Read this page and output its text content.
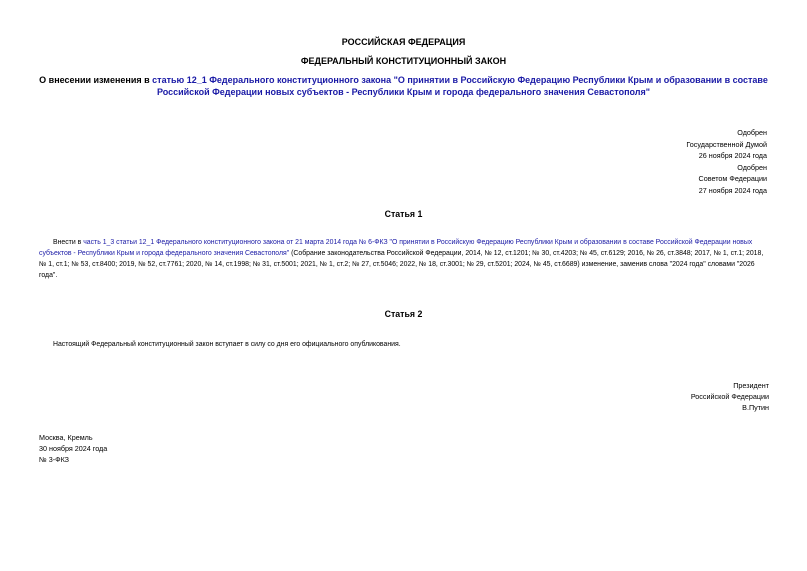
РОССИЙСКАЯ ФЕДЕРАЦИЯ
ФЕДЕРАЛЬНЫЙ КОНСТИТУЦИОННЫЙ ЗАКОН
О внесении изменения в статью 12_1 Федерального конституционного закона "О принятии в Российскую Федерацию Республики Крым и образовании в составе Российской Федерации новых субъектов - Республики Крым и города федерального значения Севастополя"
Одобрен
Государственной Думой
26 ноября 2024 года
Одобрен
Советом Федерации
27 ноября 2024 года
Статья 1
Внести в часть 1_3 статьи 12_1 Федерального конституционного закона от 21 марта 2014 года № 6-ФКЗ "О принятии в Российскую Федерацию Республики Крым и образовании в составе Российской Федерации новых субъектов - Республики Крым и города федерального значения Севастополя" (Собрание законодательства Российской Федерации, 2014, № 12, ст.1201; № 30, ст.4203; № 45, ст.6129; 2016, № 26, ст.3848; 2017, № 1, ст.1; 2018, № 1, ст.1; № 53, ст.8400; 2019, № 52, ст.7761; 2020, № 14, ст.1998; № 31, ст.5001; 2021, № 1, ст.2; № 27, ст.5046; 2022, № 18, ст.3001; № 29, ст.5201; 2024, № 45, ст.6689) изменение, заменив слова "2024 года" словами "2026 года".
Статья 2
Настоящий Федеральный конституционный закон вступает в силу со дня его официального опубликования.
Президент
Российской Федерации
В.Путин
Москва, Кремль
30 ноября 2024 года
№ 3-ФКЗ
